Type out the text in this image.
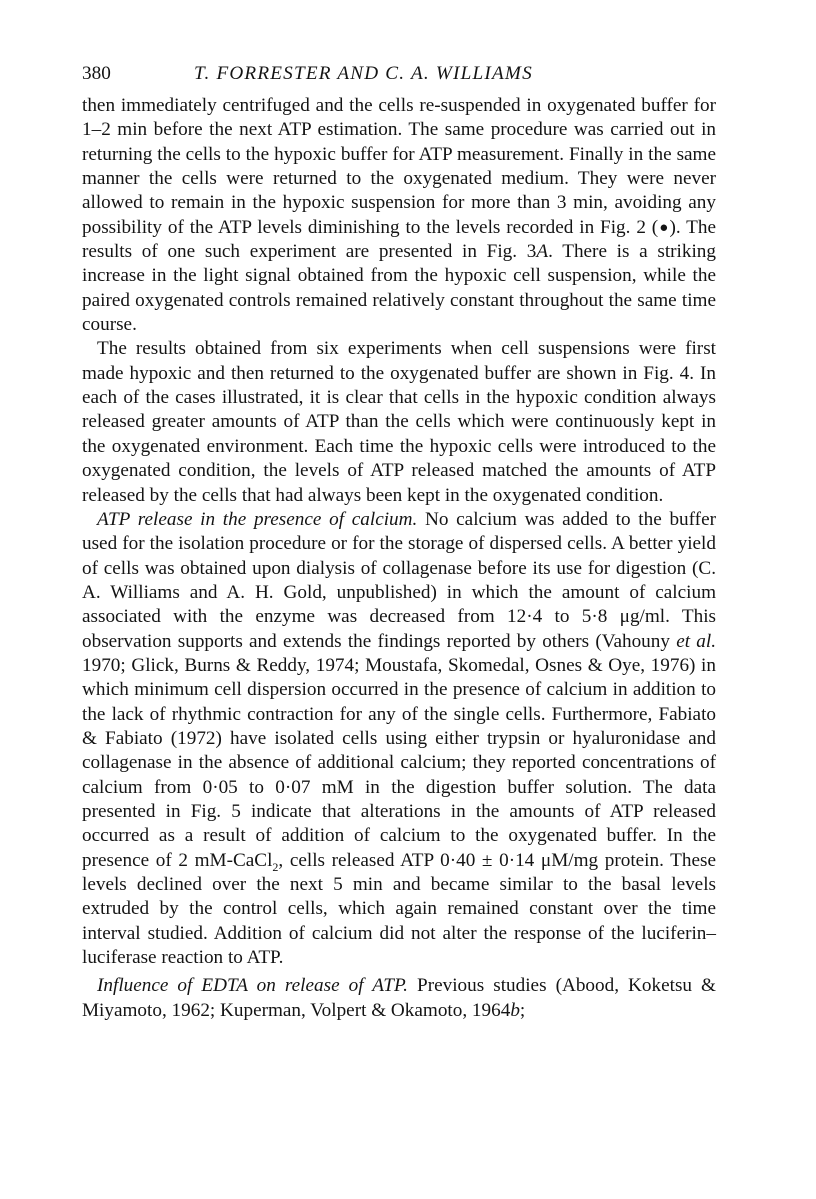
380	T. FORRESTER AND C. A. WILLIAMS

then immediately centrifuged and the cells re-suspended in oxygenated buffer for 1–2 min before the next ATP estimation. The same procedure was carried out in returning the cells to the hypoxic buffer for ATP measurement. Finally in the same manner the cells were returned to the oxygenated medium. They were never allowed to remain in the hypoxic suspension for more than 3 min, avoiding any possibility of the ATP levels diminishing to the levels recorded in Fig. 2 (●). The results of one such experiment are presented in Fig. 3A. There is a striking increase in the light signal obtained from the hypoxic cell suspension, while the paired oxygenated controls remained relatively constant throughout the same time course.

The results obtained from six experiments when cell suspensions were first made hypoxic and then returned to the oxygenated buffer are shown in Fig. 4. In each of the cases illustrated, it is clear that cells in the hypoxic condition always released greater amounts of ATP than the cells which were continuously kept in the oxygenated environment. Each time the hypoxic cells were introduced to the oxygenated condition, the levels of ATP released matched the amounts of ATP released by the cells that had always been kept in the oxygenated condition.

ATP release in the presence of calcium. No calcium was added to the buffer used for the isolation procedure or for the storage of dispersed cells. A better yield of cells was obtained upon dialysis of collagenase before its use for digestion (C. A. Williams and A. H. Gold, unpublished) in which the amount of calcium associated with the enzyme was decreased from 12·4 to 5·8 μg/ml. This observation supports and extends the findings reported by others (Vahouny et al. 1970; Glick, Burns & Reddy, 1974; Moustafa, Skomedal, Osnes & Oye, 1976) in which minimum cell dispersion occurred in the presence of calcium in addition to the lack of rhythmic contraction for any of the single cells. Furthermore, Fabiato & Fabiato (1972) have isolated cells using either trypsin or hyaluronidase and collagenase in the absence of additional calcium; they reported concentrations of calcium from 0·05 to 0·07 mM in the digestion buffer solution. The data presented in Fig. 5 indicate that alterations in the amounts of ATP released occurred as a result of addition of calcium to the oxygenated buffer. In the presence of 2 mM-CaCl$_2$, cells released ATP 0·40 ± 0·14 μM/mg protein. These levels declined over the next 5 min and became similar to the basal levels extruded by the control cells, which again remained constant over the time interval studied. Addition of calcium did not alter the response of the luciferin–luciferase reaction to ATP.

Influence of EDTA on release of ATP. Previous studies (Abood, Koketsu & Miyamoto, 1962; Kuperman, Volpert & Okamoto, 1964b;
